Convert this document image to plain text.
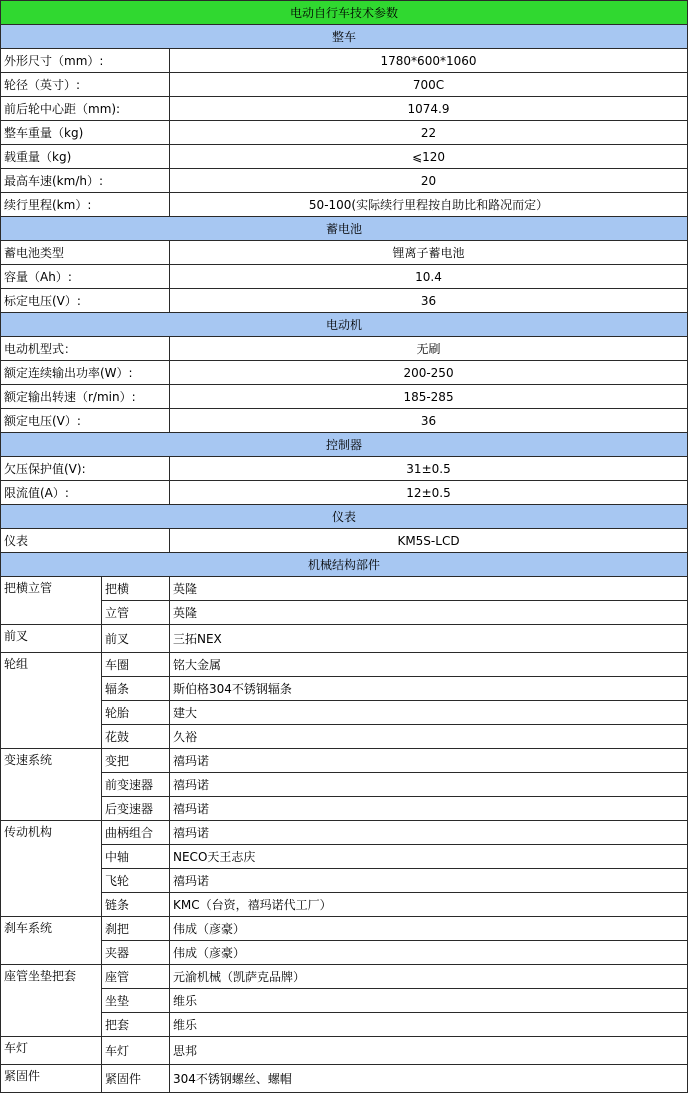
电动自行车技术参数		
整车		
外形尺寸（mm）:		1780*600*1060
轮径（英寸）:		700C
前后轮中心距（mm):		1074.9
整车重量（kg)		22
载重量（kg)		⩽120
最高车速(km/h）:		20
续行里程(km）:		50-100(实际续行里程按自助比和路况而定）
蓄电池		
蓄电池类型		锂离子蓄电池
容量（Ah）:		10.4
标定电压(V）:		36
电动机		
电动机型式：		无刷
额定连续输出功率(W）:		200-250
额定输出转速（r/min）:		185-285
额定电压(V）:		36
控制器		
欠压保护值(V):		31±0.5
限流值(A）:		12±0.5
仪表		
仪表		KM5S-LCD
机械结构部件		
把横立管	把横	英隆
	立管	英隆
前叉	前叉	三拓NEX
轮组	车圈	铭大金属
	辐条	斯伯格304不锈钢辐条
	轮胎	建大
	花鼓	久裕
变速系统	变把	禧玛诺
	前变速器	禧玛诺
	后变速器	禧玛诺
传动机构	曲柄组合	禧玛诺
	中轴	NECO天王志庆
	飞轮	禧玛诺
	链条	KMC（台资，禧玛诺代工厂）
刹车系统	刹把	伟成（彦豪）
	夹器	伟成（彦豪）
座管坐垫把套	座管	元渝机械（凯萨克品牌）
	坐垫	维乐
	把套	维乐
车灯	车灯	思邦
紧固件	紧固件	304不锈钢螺丝、螺帽
